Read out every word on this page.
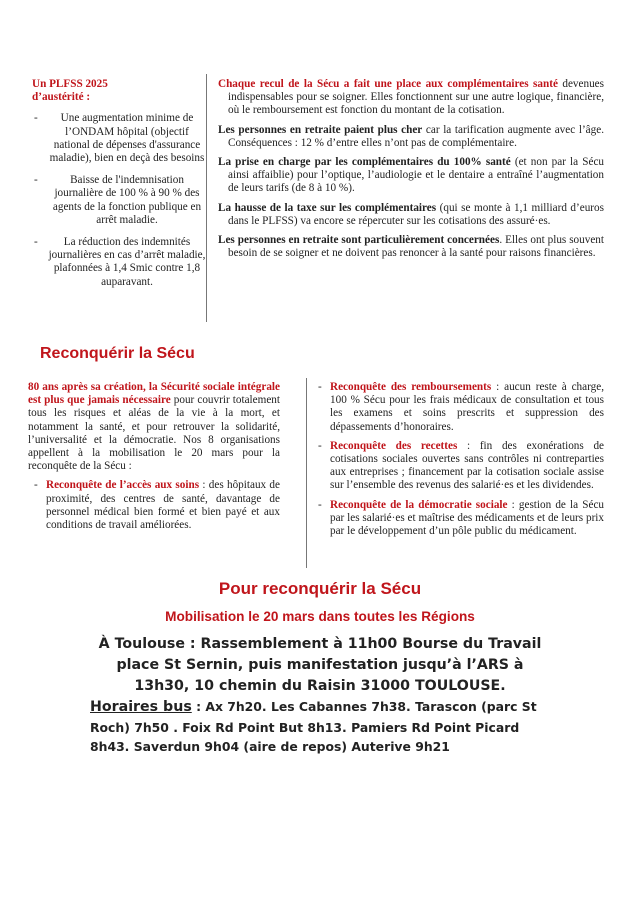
Un PLFSS 2025
d’austérité :
- Une augmentation minime de l’ONDAM hôpital (objectif national de dépenses d'assurance maladie), bien en deçà des besoins
-	Baisse de l'indemnisation journalière de 100 % à 90 % des agents de la fonction publique en arrêt maladie.
- La réduction des indemnités journalières en cas d’arrêt maladie, plafonnées à 1,4 Smic contre 1,8 auparavant.

Chaque recul de la Sécu a fait une place aux complémentaires santé devenues indispensables pour se soigner. Elles fonctionnent sur une autre logique, financière, où le remboursement est fonction du montant de la cotisation.

Les personnes en retraite paient plus cher car la tarification augmente avec l’âge. Conséquences : 12 % d’entre elles n’ont pas de complémentaire.

La prise en charge par les complémentaires du 100% santé (et non par la Sécu ainsi affaiblie) pour l’optique, l’audiologie et le dentaire a entraîné l’augmentation de leurs tarifs (de 8 à 10 %).

La hausse de la taxe sur les complémentaires (qui se monte à 1,1 milliard d’euros dans le PLFSS) va encore se répercuter sur les cotisations des assuré·es.

Les personnes en retraite sont particulièrement concernées. Elles ont plus souvent besoin de se soigner et ne doivent pas renoncer à la santé pour raisons financières.

Reconquérir la Sécu

80 ans après sa création, la Sécurité sociale intégrale est plus que jamais nécessaire pour couvrir totalement tous les risques et aléas de la vie à la mort, et notamment la santé, et pour retrouver la solidarité, l’universalité et la démocratie. Nos 8 organisations appellent à la mobilisation le 20 mars pour la reconquête de la Sécu :

- Reconquête de l’accès aux soins : des hôpitaux de proximité, des centres de santé, davantage de personnel médical bien formé et bien payé et aux conditions de travail améliorées.
- Reconquête des remboursements : aucun reste à charge, 100 % Sécu pour les frais médicaux de consultation et tous les examens et soins prescrits et suppression des dépassements d’honoraires.
- Reconquête des recettes : fin des exonérations de cotisations sociales ouvertes sans contrôles ni contreparties aux entreprises ; financement par la cotisation sociale assise sur l’ensemble des revenus des salarié·es et les dividendes.
- Reconquête de la démocratie sociale : gestion de la Sécu par les salarié·es et maîtrise des médicaments et de leurs prix par le développement d’un pôle public du médicament.
Pour reconquérir la Sécu
Mobilisation le 20 mars dans toutes les Régions
À Toulouse : Rassemblement à 11h00 Bourse du Travail place St Sernin, puis manifestation jusqu’à l’ARS à 13h30, 10 chemin du Raisin 31000 TOULOUSE.
Horaires bus : Ax 7h20. Les Cabannes 7h38. Tarascon (parc St Roch) 7h50 . Foix Rd Point But 8h13. Pamiers Rd Point Picard 8h43. Saverdun 9h04 (aire de repos) Auterive 9h21
